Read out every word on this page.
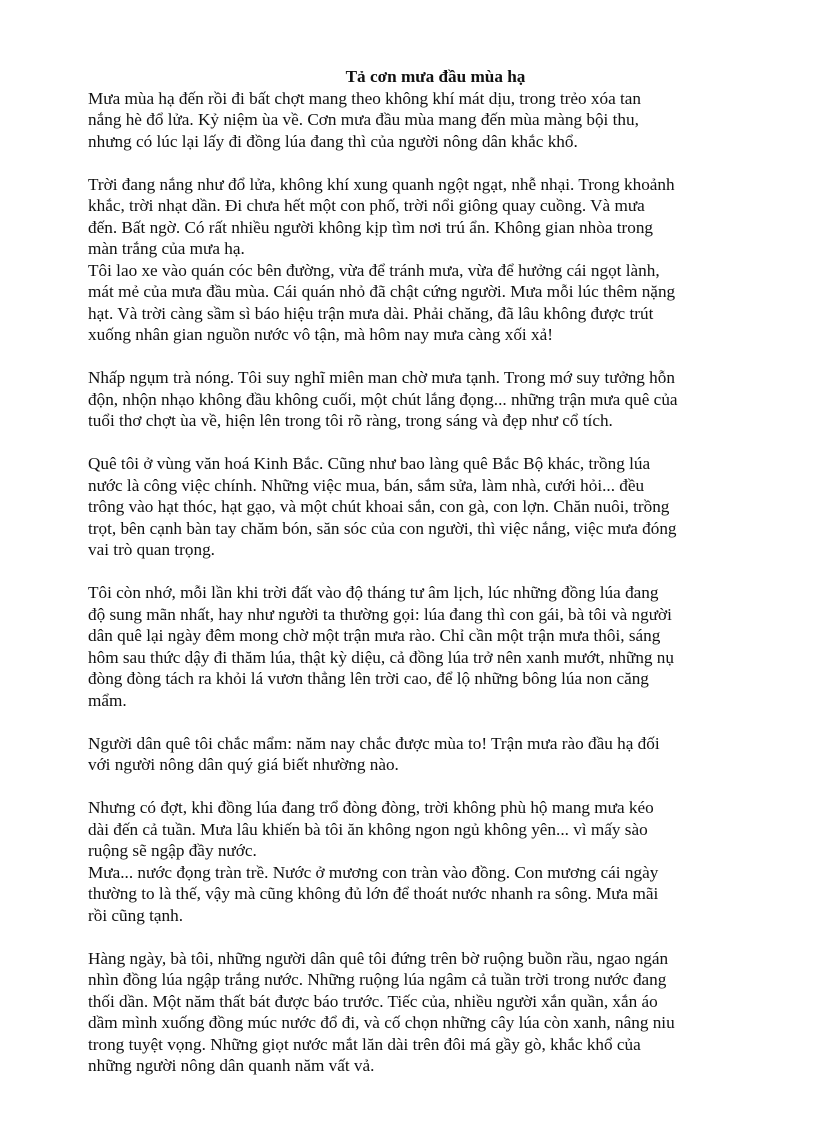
Tả cơn mưa đầu mùa hạ

Mưa mùa hạ đến rồi đi bất chợt mang theo không khí mát dịu, trong trẻo xóa tan
nắng hè đổ lửa. Kỷ niệm ùa về. Cơn mưa đầu mùa mang đến mùa màng bội thu,
nhưng có lúc lại lấy đi đồng lúa đang thì của người nông dân khắc khổ.

Trời đang nắng như đổ lửa, không khí xung quanh ngột ngạt, nhễ nhại. Trong khoảnh
khắc, trời nhạt dần. Đi chưa hết một con phố, trời nổi giông quay cuồng. Và mưa
đến. Bất ngờ. Có rất nhiều người không kịp tìm nơi trú ẩn. Không gian nhòa trong
màn trắng của mưa hạ.

Tôi lao xe vào quán cóc bên đường, vừa để tránh mưa, vừa để hưởng cái ngọt lành,
mát mẻ của mưa đầu mùa. Cái quán nhỏ đã chật cứng người. Mưa mỗi lúc thêm nặng
hạt. Và trời càng sầm sì báo hiệu trận mưa dài. Phải chăng, đã lâu không được trút
xuống nhân gian nguồn nước vô tận, mà hôm nay mưa càng xối xả!

Nhấp ngụm trà nóng. Tôi suy nghĩ miên man chờ mưa tạnh. Trong mớ suy tưởng hỗn
độn, nhộn nhạo không đầu không cuối, một chút lắng đọng... những trận mưa quê của
tuổi thơ chợt ùa về, hiện lên trong tôi rõ ràng, trong sáng và đẹp như cổ tích.

Quê tôi ở vùng văn hoá Kinh Bắc. Cũng như bao làng quê Bắc Bộ khác, trồng lúa
nước là công việc chính. Những việc mua, bán, sắm sửa, làm nhà, cưới hỏi... đều
trông vào hạt thóc, hạt gạo, và một chút khoai sắn, con gà, con lợn. Chăn nuôi, trồng
trọt, bên cạnh bàn tay chăm bón, săn sóc của con người, thì việc nắng, việc mưa đóng
vai trò quan trọng.

Tôi còn nhớ, mỗi lần khi trời đất vào độ tháng tư âm lịch, lúc những đồng lúa đang
độ sung mãn nhất, hay như người ta thường gọi: lúa đang thì con gái, bà tôi và người
dân quê lại ngày đêm mong chờ một trận mưa rào. Chỉ cần một trận mưa thôi, sáng
hôm sau thức dậy đi thăm lúa, thật kỳ diệu, cả đồng lúa trở nên xanh mướt, những nụ
đòng đòng tách ra khỏi lá vươn thẳng lên trời cao, để lộ những bông lúa non căng
mẩm.

Người dân quê tôi chắc mẩm: năm nay chắc được mùa to! Trận mưa rào đầu hạ đối
với người nông dân quý giá biết nhường nào.

Nhưng có đợt, khi đồng lúa đang trổ đòng đòng, trời không phù hộ mang mưa kéo
dài đến cả tuần. Mưa lâu khiến bà tôi ăn không ngon ngủ không yên... vì mấy sào
ruộng sẽ ngập đầy nước.

Mưa... nước đọng tràn trề. Nước ở mương con tràn vào đồng. Con mương cái ngày
thường to là thế, vậy mà cũng không đủ lớn để thoát nước nhanh ra sông. Mưa mãi
rồi cũng tạnh.

Hàng ngày, bà tôi, những người dân quê tôi đứng trên bờ ruộng buồn rầu, ngao ngán
nhìn đồng lúa ngập trắng nước. Những ruộng lúa ngâm cả tuần trời trong nước đang
thối dần. Một năm thất bát được báo trước. Tiếc của, nhiều người xắn quần, xắn áo
dầm mình xuống đồng múc nước đổ đi, và cố chọn những cây lúa còn xanh, nâng niu
trong tuyệt vọng. Những giọt nước mắt lăn dài trên đôi má gầy gò, khắc khổ của
những người nông dân quanh năm vất vả.
